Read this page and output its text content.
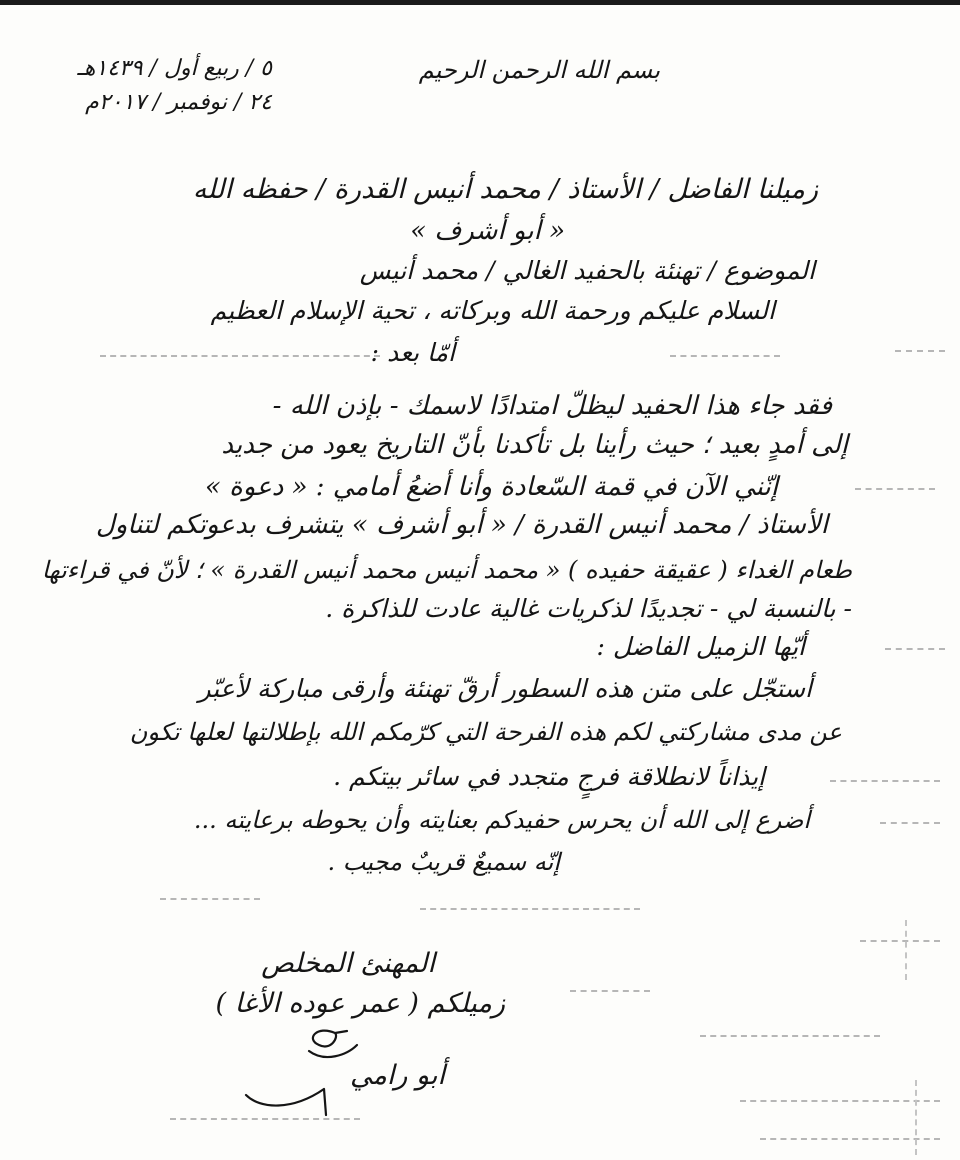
بسم الله الرحمن الرحيم
٥ / ربيع أول / ١٤٣٩هـ
٢٤ / نوفمبر / ٢٠١٧م
زميلنا الفاضل / الأستاذ / محمد أنيس القدرة / حفظه الله
« أبو أشرف »
الموضوع / تهنئة بالحفيد الغالي / محمد أنيس
السلام عليكم ورحمة الله وبركاته ، تحية الإسلام العظيم
أمّا بعد :
فقد جاء هذا الحفيد ليظلّ امتدادًا لاسمك - بإذن الله -
إلى أمدٍ بعيد ؛ حيث رأينا بل تأكدنا بأنّ التاريخ يعود من جديد
إنّني الآن في قمة السّعادة وأنا أضعُ أمامي : « دعوة »
الأستاذ / محمد أنيس القدرة / « أبو أشرف » يتشرف بدعوتكم لتناول
طعام الغداء ( عقيقة حفيده ) « محمد أنيس محمد أنيس القدرة » ؛ لأنّ في قراءتها
- بالنسبة لي - تجديدًا لذكريات غالية عادت للذاكرة .
أيّها الزميل الفاضل :
أستجّل على متن هذه السطور أرقّ تهنئة وأرقى مباركة لأعبّر
عن مدى مشاركتي لكم هذه الفرحة التي كرّمكم الله بإطلالتها لعلها تكون
إيذاناً لانطلاقة فرجٍ متجدد في سائر بيتكم .
أضرع إلى الله أن يحرس حفيدكم بعنايته وأن يحوطه برعايته ...
إنّه سميعٌ قريبٌ مجيب .
المهنئ المخلص
زميلكم ( عمر عوده الأغا )
أبو رامي
